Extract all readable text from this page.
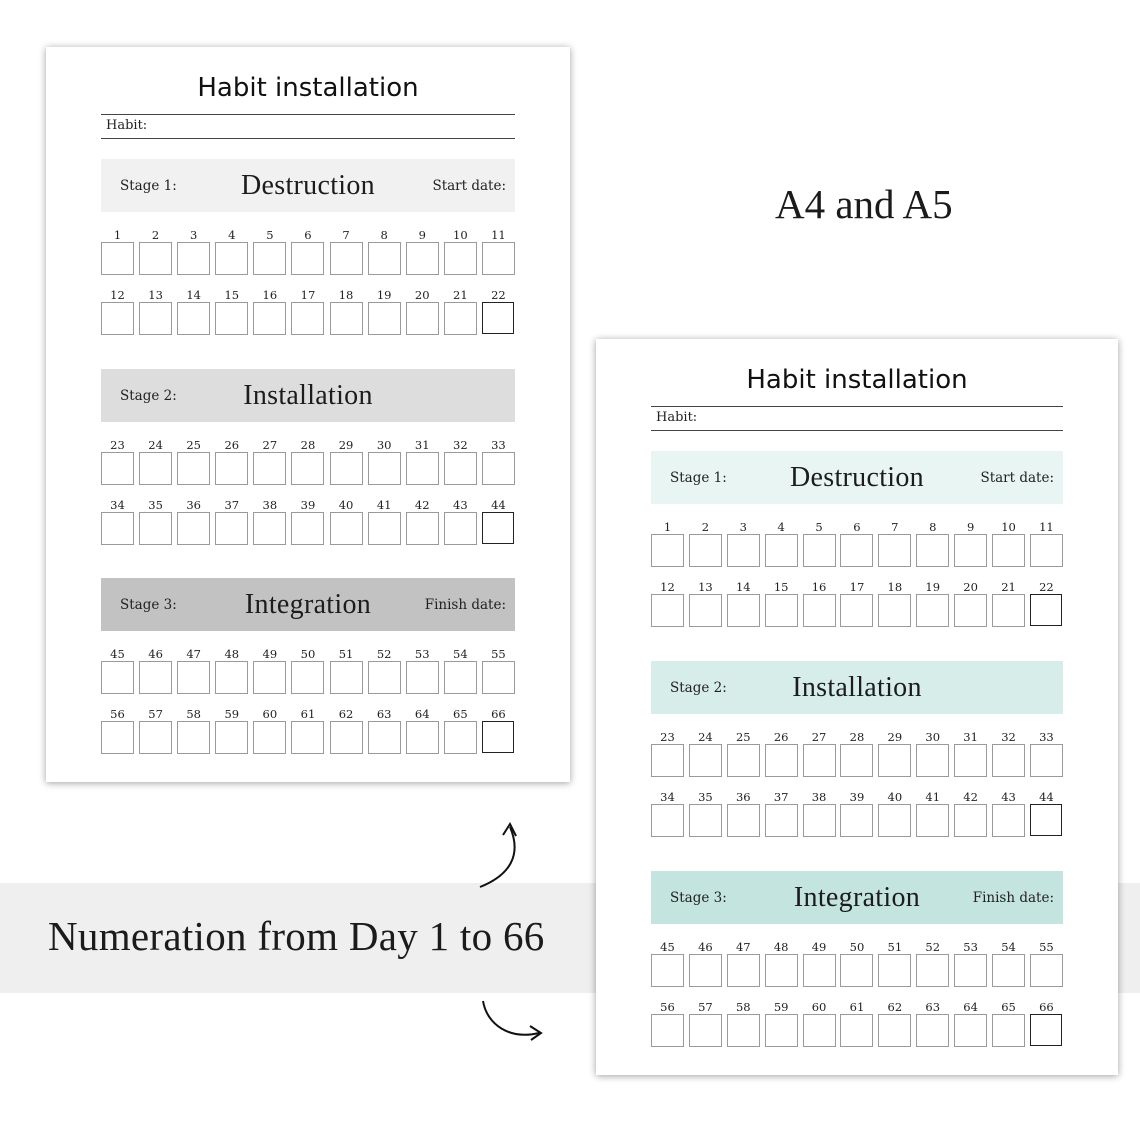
A4 and A5
Numeration from Day 1 to 66
Habit installation
Habit:
Stage 1: Destruction	Start date:
1	2	3	4	5	6	7	8	9	10	11
12	13	14	15	16	17	18	19	20	21	22
Stage 2: Installation
23	24	25	26	27	28	29	30	31	32	33
34	35	36	37	38	39	40	41	42	43	44
Stage 3: Integration	Finish date:
45	46	47	48	49	50	51	52	53	54	55
56	57	58	59	60	61	62	63	64	65	66
Habit installation
Habit:
Stage 1: Destruction	Start date:
1	2	3	4	5	6	7	8	9	10	11
12	13	14	15	16	17	18	19	20	21	22
Stage 2: Installation
23	24	25	26	27	28	29	30	31	32	33
34	35	36	37	38	39	40	41	42	43	44
Stage 3: Integration	Finish date:
45	46	47	48	49	50	51	52	53	54	55
56	57	58	59	60	61	62	63	64	65	66
